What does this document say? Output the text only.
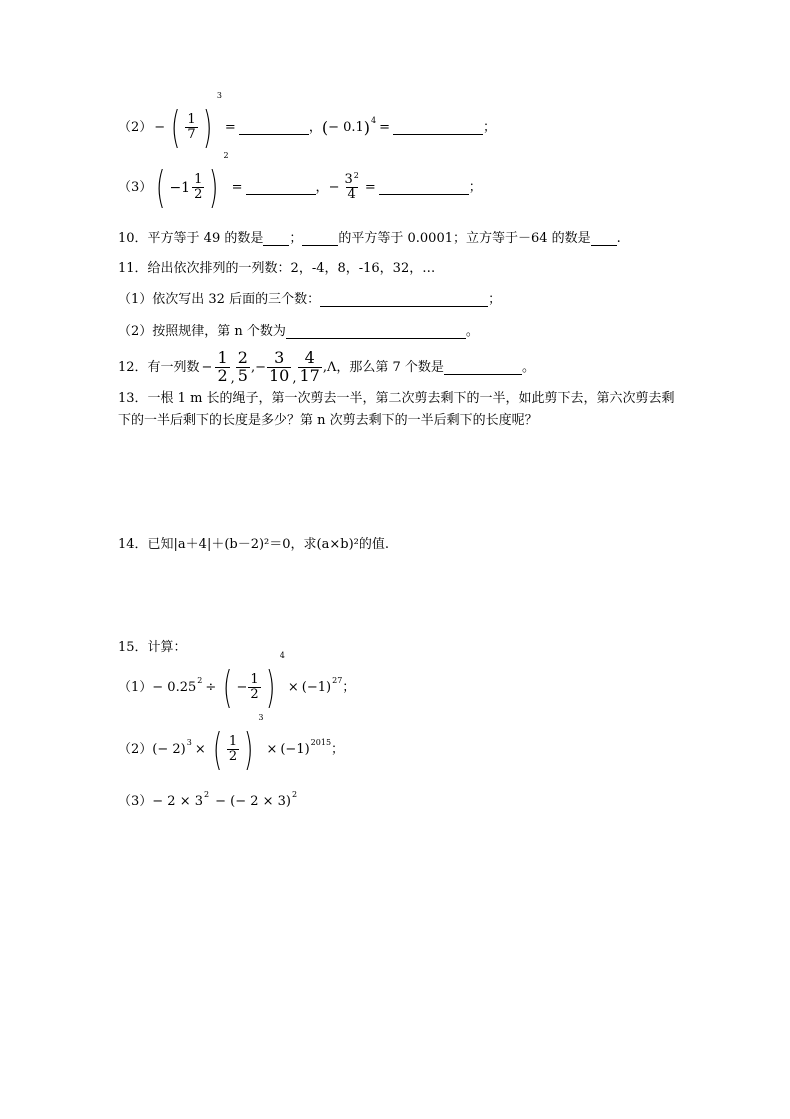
（2） − ( $\frac{1}{7}$ )
3
=	， ( − 0.1 ) 4 =	；
（3） ( $-1 \frac{1}{2}$ )
2
=	， − $\frac{3^2}{4}$ =	；
10．平方等于 49 的数是 ；	的平方等于 0.0001；立方等于－64 的数是 .
11．给出依次排列的一列数：2，-4，8，-16，32，…
（1）依次写出 32 后面的三个数：	；
（2）按照规律，第 n 个数为	。
12．有一列数 − $\frac{1}{2}$ , $\frac{2}{5}$ ,− $\frac{3}{10}$ , $\frac{4}{17} ,\Lambda$ ，那么第 7 个数是	。
13．一根 1 m 长的绳子，第一次剪去一半，第二次剪去剩下的一半，如此剪下去，第六次剪去剩下的一半后剩下的长度是多少？第 n 次剪去剩下的一半后剩下的长度呢？
14．已知|a＋4|＋(b－2)²＝0，求(a×b)²的值.
15．计算：
（1） − 0.25 2 ÷ ( − $\frac{1}{2}$ )
4
× (−1) 27 ；
（2） (− 2) 3 × ( $\frac{1}{2}$ )
3
× (−1) 2015 ；
（3） − 2 × 3 2 − (− 2 × 3) 2
